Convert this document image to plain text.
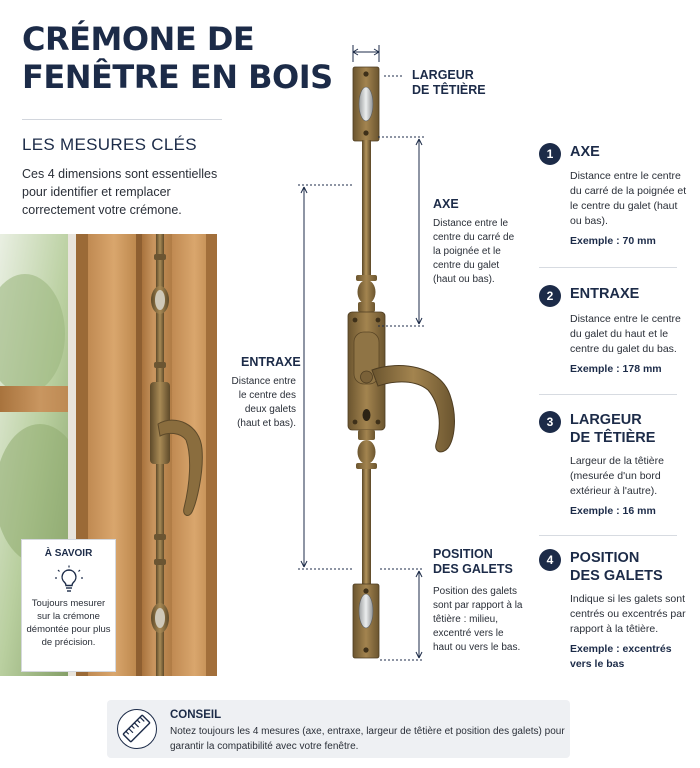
CRÉMONE DE
FENÊTRE EN BOIS
LES MESURES CLÉS
Ces 4 dimensions sont essentielles pour identifier et remplacer correctement votre crémone.
À SAVOIR
Toujours mesurer sur la crémone démontée pour plus de précision.
LARGEUR
DE TÊTIÈRE
AXE
Distance entre le centre du carré de la poignée et le centre du galet (haut ou bas).
ENTRAXE
Distance entre le centre des deux galets (haut et bas).
POSITION
DES GALETS
Position des galets sont par rapport à la têtière : milieu, excentré vers le haut ou vers le bas.
1	AXE
Distance entre le centre du carré de la poignée et le centre du galet (haut ou bas).
Exemple : 70 mm
2	ENTRAXE
Distance entre le centre du galet du haut et le centre du galet du bas.
Exemple : 178 mm
3	LARGEUR
DE TÊTIÈRE
Largeur de la têtière (mesurée d'un bord extérieur à l'autre).
Exemple : 16 mm
4	POSITION
DES GALETS
Indique si les galets sont centrés ou excentrés par rapport à la têtière.
Exemple : excentrés vers le bas
CONSEIL
Notez toujours les 4 mesures (axe, entraxe, largeur de têtière et position des galets) pour garantir la compatibilité avec votre fenêtre.
